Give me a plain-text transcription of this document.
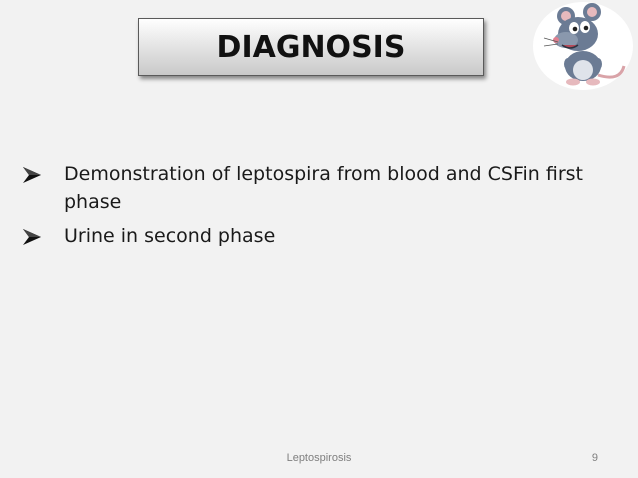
DIAGNOSIS
Demonstration of leptospira from blood and CSFin first phase
Urine in second phase
Leptospirosis	9
